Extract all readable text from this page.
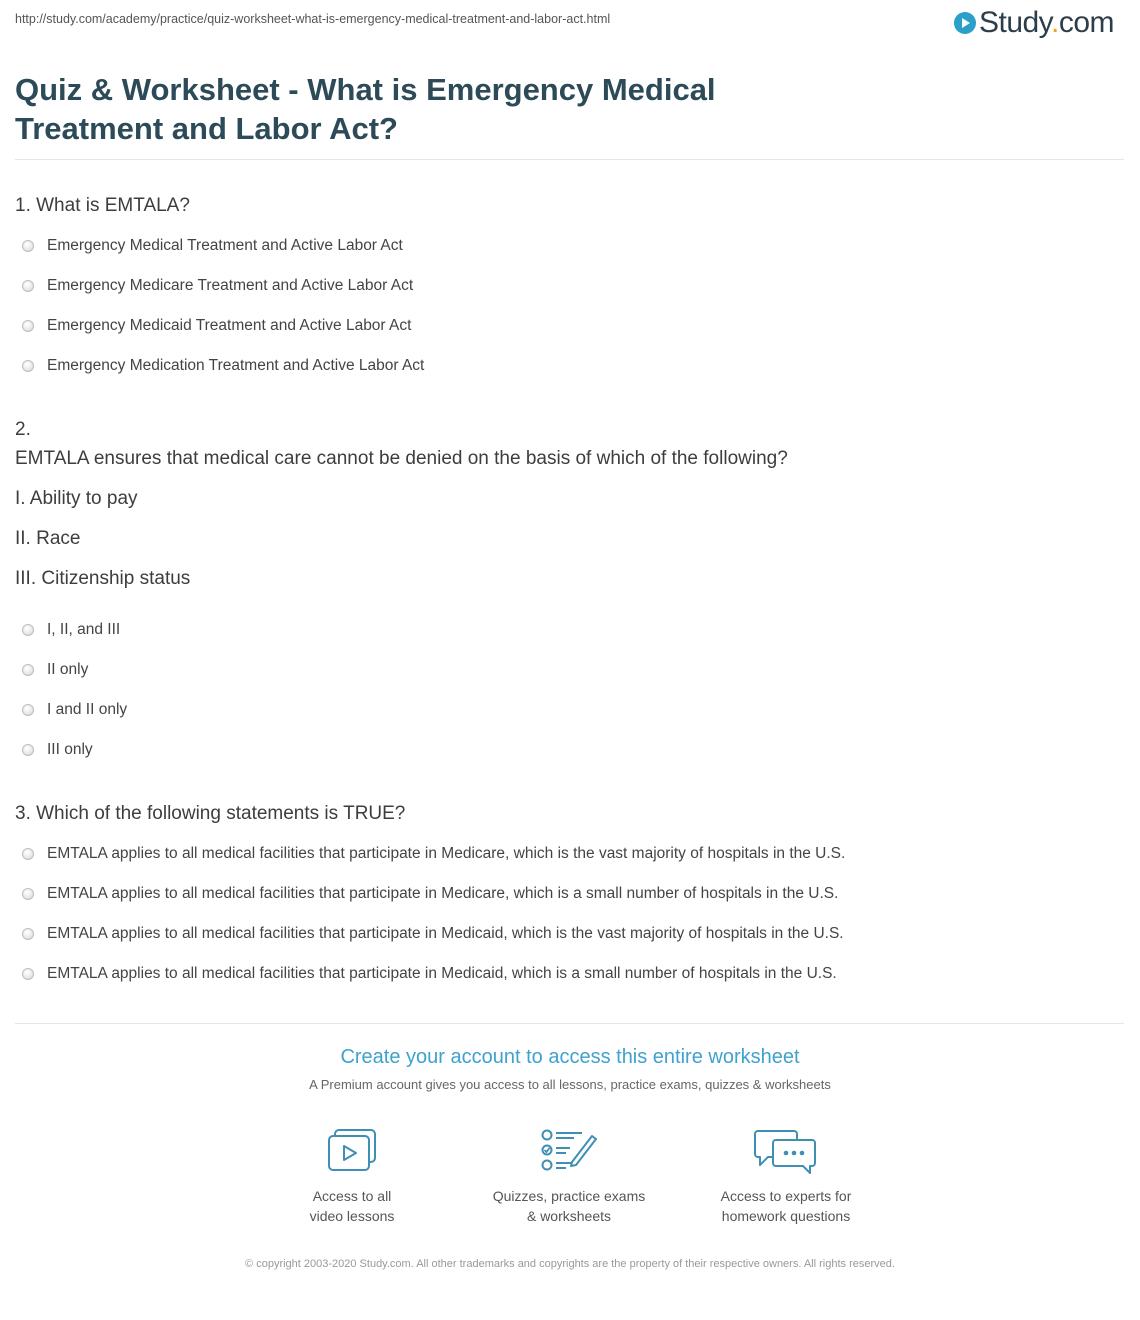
http://study.com/academy/practice/quiz-worksheet-what-is-emergency-medical-treatment-and-labor-act.html	Study.com
Quiz & Worksheet - What is Emergency Medical Treatment and Labor Act?
1. What is EMTALA?
Emergency Medical Treatment and Active Labor Act
Emergency Medicare Treatment and Active Labor Act
Emergency Medicaid Treatment and Active Labor Act
Emergency Medication Treatment and Active Labor Act
2.
EMTALA ensures that medical care cannot be denied on the basis of which of the following?
I. Ability to pay
II. Race
III. Citizenship status
I, II, and III
II only
I and II only
III only
3. Which of the following statements is TRUE?
EMTALA applies to all medical facilities that participate in Medicare, which is the vast majority of hospitals in the U.S.
EMTALA applies to all medical facilities that participate in Medicare, which is a small number of hospitals in the U.S.
EMTALA applies to all medical facilities that participate in Medicaid, which is the vast majority of hospitals in the U.S.
EMTALA applies to all medical facilities that participate in Medicaid, which is a small number of hospitals in the U.S.
Create your account to access this entire worksheet
A Premium account gives you access to all lessons, practice exams, quizzes & worksheets
Access to all
video lessons
Quizzes, practice exams
& worksheets
Access to experts for
homework questions
© copyright 2003-2020 Study.com. All other trademarks and copyrights are the property of their respective owners. All rights reserved.
